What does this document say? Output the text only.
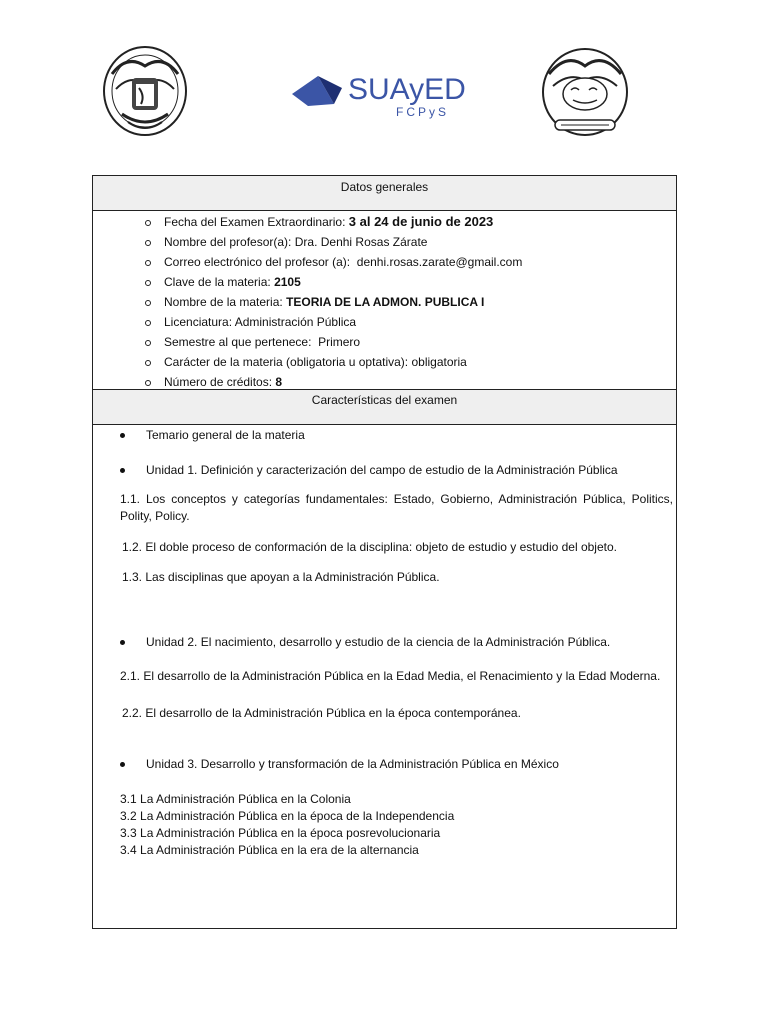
SUAyED
FCPyS
Datos generales
Fecha del Examen Extraordinario: 3 al 24 de junio de 2023
Nombre del profesor(a): Dra. Denhi Rosas Zárate
Correo electrónico del profesor (a): denhi.rosas.zarate@gmail.com
Clave de la materia: 2105
Nombre de la materia: TEORIA DE LA ADMON. PUBLICA I
Licenciatura: Administración Pública
Semestre al que pertenece: Primero
Carácter de la materia (obligatoria u optativa): obligatoria
Número de créditos: 8
Características del examen
Temario general de la materia
Unidad 1. Definición y caracterización del campo de estudio de la Administración Pública
1.1. Los conceptos y categorías fundamentales: Estado, Gobierno, Administración Pública, Politics, Polity, Policy.
1.2. El doble proceso de conformación de la disciplina: objeto de estudio y estudio del objeto.
1.3. Las disciplinas que apoyan a la Administración Pública.
Unidad 2. El nacimiento, desarrollo y estudio de la ciencia de la Administración Pública.
2.1. El desarrollo de la Administración Pública en la Edad Media, el Renacimiento y la Edad Moderna.
2.2. El desarrollo de la Administración Pública en la época contemporánea.
Unidad 3. Desarrollo y transformación de la Administración Pública en México
3.1 La Administración Pública en la Colonia
3.2 La Administración Pública en la época de la Independencia
3.3 La Administración Pública en la época posrevolucionaria
3.4 La Administración Pública en la era de la alternancia
